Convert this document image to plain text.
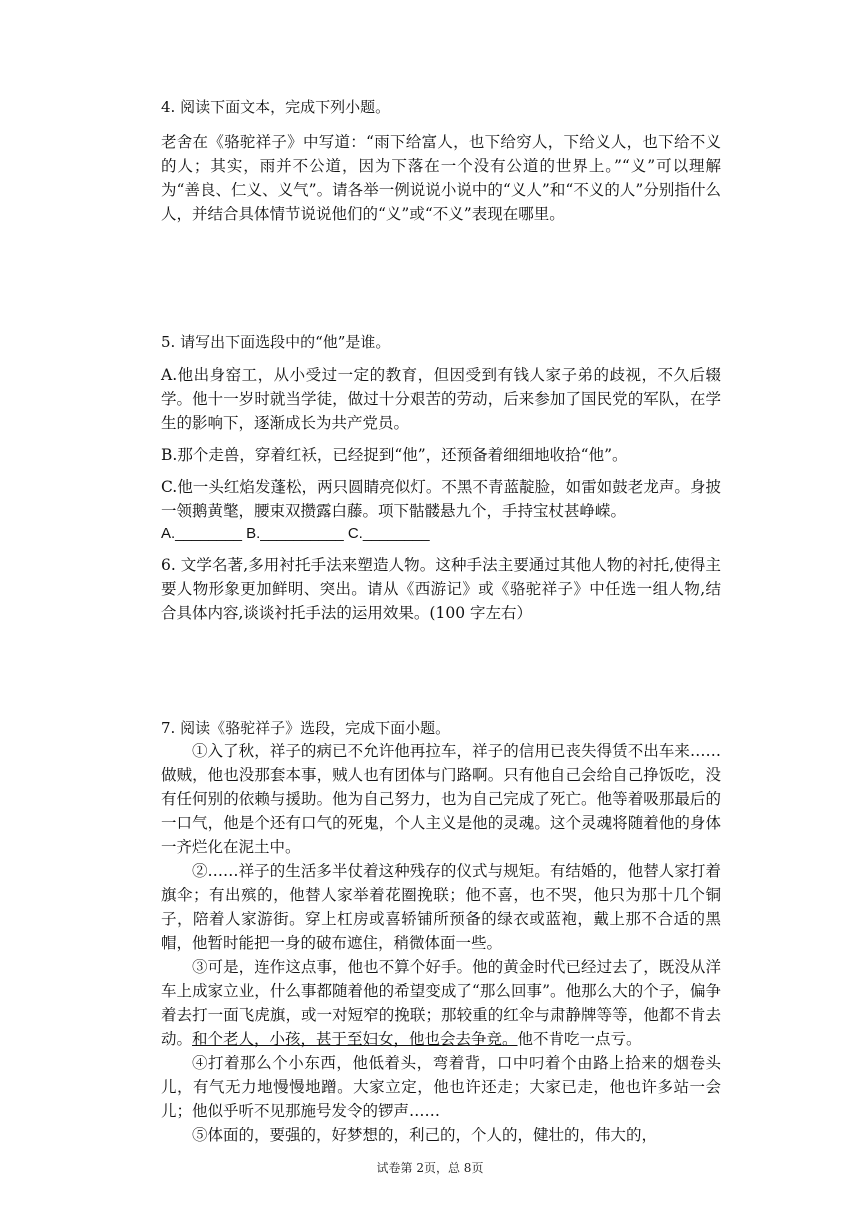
4. 阅读下面文本，完成下列小题。

老舍在《骆驼祥子》中写道：“雨下给富人，也下给穷人，下给义人，也下给不义的人；其实，雨并不公道，因为下落在一个没有公道的世界上。”“义”可以理解为“善良、仁义、义气”。请各举一例说说小说中的“义人”和“不义的人”分别指什么人，并结合具体情节说说他们的“义”或“不义”表现在哪里。

5. 请写出下面选段中的“他”是谁。

A.他出身窑工，从小受过一定的教育，但因受到有钱人家子弟的歧视，不久后辍学。他十一岁时就当学徒，做过十分艰苦的劳动，后来参加了国民党的军队，在学生的影响下，逐渐成长为共产党员。

B.那个走兽，穿着红袄，已经捉到“他”，还预备着细细地收拾“他”。

C.他一头红焰发蓬松，两只圆睛亮似灯。不黑不青蓝靛脸，如雷如鼓老龙声。身披一领鹅黄氅，腰束双攒露白藤。项下骷髅悬九个，手持宝杖甚峥嵘。

A.________ B.__________ C.________

6. 文学名著,多用衬托手法来塑造人物。这种手法主要通过其他人物的衬托,使得主要人物形象更加鲜明、突出。请从《西游记》或《骆驼祥子》中任选一组人物,结合具体内容,谈谈衬托手法的运用效果。(100 字左右）

7. 阅读《骆驼祥子》选段，完成下面小题。

①入了秋，祥子的病已不允许他再拉车，祥子的信用已丧失得赁不出车来……做贼，他也没那套本事，贼人也有团体与门路啊。只有他自己会给自己挣饭吃，没有任何别的依赖与援助。他为自己努力，也为自己完成了死亡。他等着吸那最后的一口气，他是个还有口气的死鬼，个人主义是他的灵魂。这个灵魂将随着他的身体一齐烂化在泥土中。

②……祥子的生活多半仗着这种残存的仪式与规矩。有结婚的，他替人家打着旗伞；有出殡的，他替人家举着花圈挽联；他不喜，也不哭，他只为那十几个铜子，陪着人家游街。穿上杠房或喜轿铺所预备的绿衣或蓝袍，戴上那不合适的黑帽，他暂时能把一身的破布遮住，稍微体面一些。

③可是，连作这点事，他也不算个好手。他的黄金时代已经过去了，既没从洋车上成家立业，什么事都随着他的希望变成了“那么回事”。他那么大的个子，偏争着去打一面飞虎旗，或一对短窄的挽联；那较重的红伞与肃静牌等等，他都不肯去动。和个老人，小孩，甚于至妇女，他也会去争竞。他不肯吃一点亏。

④打着那么个小东西，他低着头，弯着背，口中叼着个由路上拾来的烟卷头儿，有气无力地慢慢地蹭。大家立定，他也许还走；大家已走，他也许多站一会儿；他似乎听不见那施号发令的锣声……

⑤体面的，要强的，好梦想的，利己的，个人的，健壮的，伟大的，

试卷第 2页，总 8页
